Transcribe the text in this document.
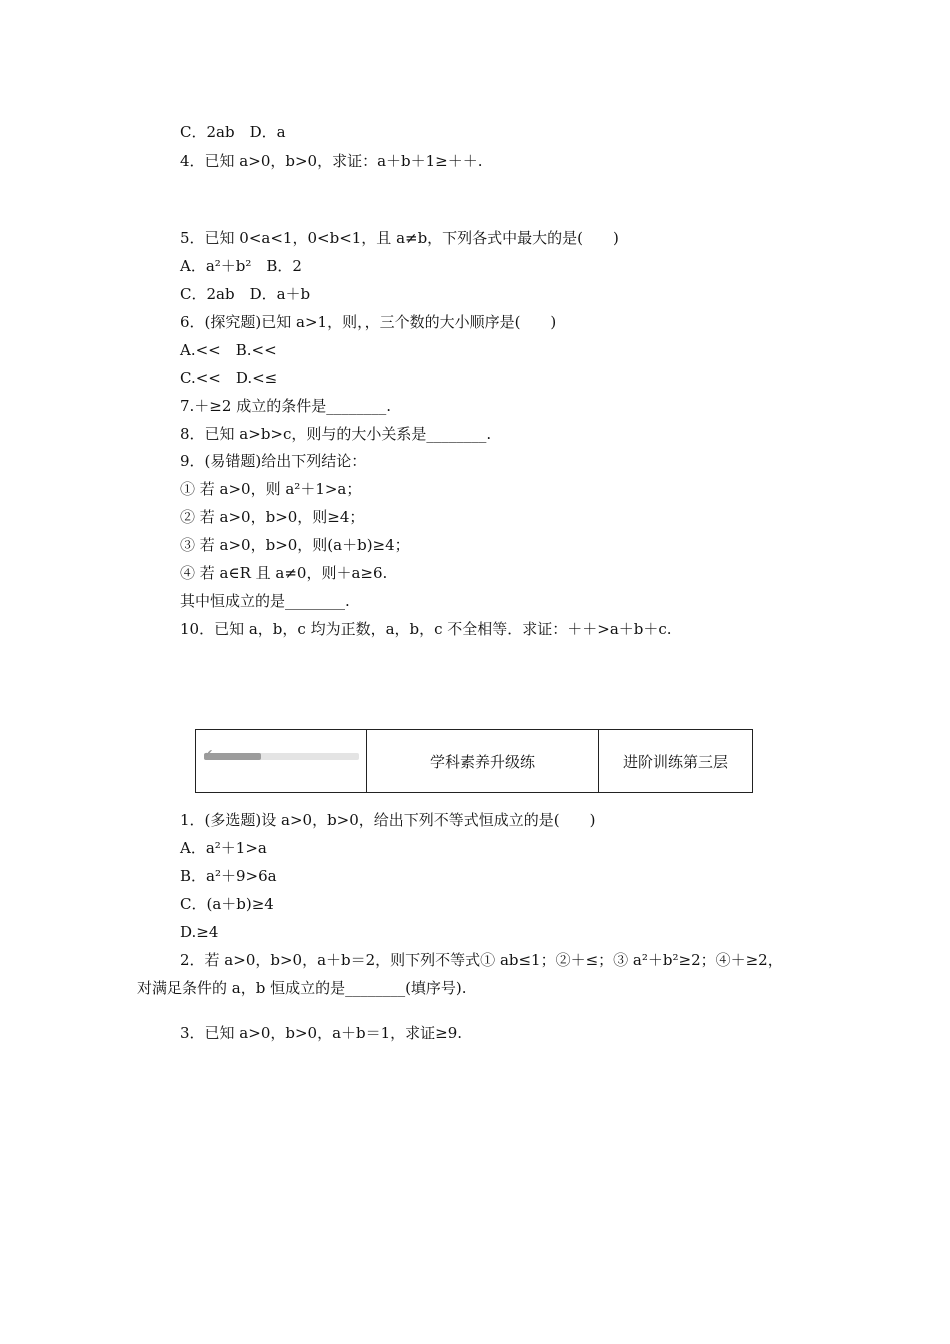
C．2ab　D．a
4．已知 a>0，b>0，求证：a＋b＋1≥＋＋.
5．已知 0<a<1，0<b<1，且 a≠b，下列各式中最大的是(　　)
A．a²＋b²　B．2
C．2ab　D．a＋b
6．(探究题)已知 a>1，则，，三个数的大小顺序是(　　)
A.<<　B.<<
C.<<　D.<≤
7.＋≥2 成立的条件是________.
8．已知 a>b>c，则与的大小关系是________.
9．(易错题)给出下列结论：
① 若 a>0，则 a²＋1>a；
② 若 a>0，b>0，则≥4；
③ 若 a>0，b>0，则(a＋b)≥4；
④ 若 a∈R 且 a≠0，则＋a≥6.
其中恒成立的是________.
10．已知 a，b，c 均为正数，a，b，c 不全相等．求证：＋＋>a＋b＋c.
✔	学科素养升级练	进阶训练第三层
1．(多选题)设 a>0，b>0，给出下列不等式恒成立的是(　　)
A．a²＋1>a
B．a²＋9>6a
C．(a＋b)≥4
D.≥4
2．若 a>0，b>0，a＋b＝2，则下列不等式① ab≤1；②＋≤；③ a²＋b²≥2；④＋≥2，
对满足条件的 a，b 恒成立的是________(填序号).
3．已知 a>0，b>0，a＋b＝1，求证≥9.
